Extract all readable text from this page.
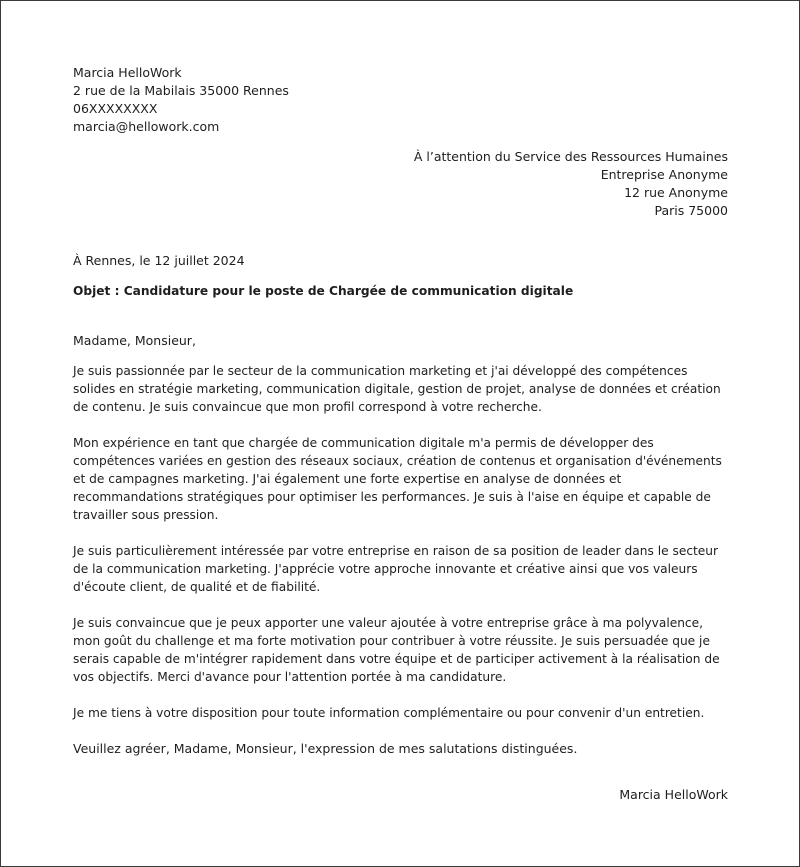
Marcia HelloWork

2 rue de la Mabilais 35000 Rennes

06XXXXXXXX

marcia@hellowork.com

À l’attention du Service des Ressources Humaines

Entreprise Anonyme

12 rue Anonyme

Paris 75000

À Rennes, le 12 juillet 2024

Objet : Candidature pour le poste de Chargée de communication digitale

Madame, Monsieur,

Je suis passionnée par le secteur de la communication marketing et j'ai développé des compétences solides en stratégie marketing, communication digitale, gestion de projet, analyse de données et création de contenu. Je suis convaincue que mon profil correspond à votre recherche.

Mon expérience en tant que chargée de communication digitale m'a permis de développer des compétences variées en gestion des réseaux sociaux, création de contenus et organisation d'événements et de campagnes marketing. J'ai également une forte expertise en analyse de données et recommandations stratégiques pour optimiser les performances. Je suis à l'aise en équipe et capable de travailler sous pression.

Je suis particulièrement intéressée par votre entreprise en raison de sa position de leader dans le secteur de la communication marketing. J'apprécie votre approche innovante et créative ainsi que vos valeurs d'écoute client, de qualité et de fiabilité.

Je suis convaincue que je peux apporter une valeur ajoutée à votre entreprise grâce à ma polyvalence, mon goût du challenge et ma forte motivation pour contribuer à votre réussite. Je suis persuadée que je serais capable de m'intégrer rapidement dans votre équipe et de participer activement à la réalisation de vos objectifs. Merci d'avance pour l'attention portée à ma candidature.

Je me tiens à votre disposition pour toute information complémentaire ou pour convenir d'un entretien.

Veuillez agréer, Madame, Monsieur, l'expression de mes salutations distinguées.

Marcia HelloWork
